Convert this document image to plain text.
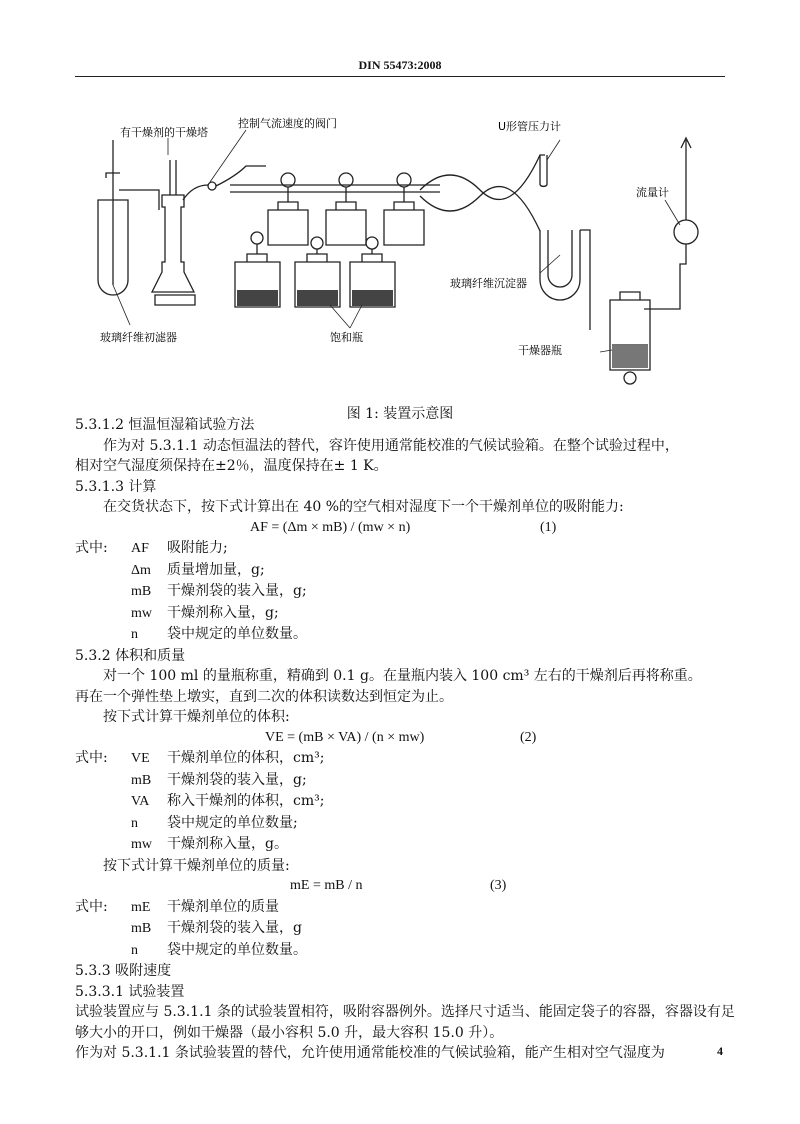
DIN 55473:2008
有干燥剂的干燥塔
控制气流速度的阀门	U形管压力计
流量计
玻璃纤维沉淀器
玻璃纤维初滤器	饱和瓶
干燥器瓶
图 1: 装置示意图

5.3.1.2 恒温恒湿箱试验方法

作为对 5.3.1.1 动态恒温法的替代，容许使用通常能校准的气候试验箱。在整个试验过程中，

相对空气湿度须保持在±2％，温度保持在± 1 K。

5.3.1.3 计算

在交货状态下，按下式计算出在 40 %的空气相对湿度下一个干燥剂单位的吸附能力:

AF = (Δm × mB) / (mw × n)	(1)
式中: AF 吸附能力;
Δm 质量增加量，g;
mB 干燥剂袋的装入量，g;
mw 干燥剂称入量，g;
n 袋中规定的单位数量。

5.3.2 体积和质量

对一个 100 ml 的量瓶称重，精确到 0.1 g。在量瓶内装入 100 cm³ 左右的干燥剂后再将称重。

再在一个弹性垫上墩实，直到二次的体积读数达到恒定为止。

按下式计算干燥剂单位的体积:

VE = (mB × VA) / (n × mw)	(2)
式中: VE 干燥剂单位的体积，cm³;
mB 干燥剂袋的装入量，g;
VA 称入干燥剂的体积，cm³;
n 袋中规定的单位数量;
mw 干燥剂称入量，g。

按下式计算干燥剂单位的质量:

mE = mB / n	(3)
式中: mE 干燥剂单位的质量
mB 干燥剂袋的装入量，g
n 袋中规定的单位数量。

5.3.3 吸附速度

5.3.3.1 试验装置

试验装置应与 5.3.1.1 条的试验装置相符，吸附容器例外。选择尺寸适当、能固定袋子的容器，容器设有足够大小的开口，例如干燥器（最小容积 5.0 升，最大容积 15.0 升）。

作为对 5.3.1.1 条试验装置的替代，允许使用通常能校准的气候试验箱，能产生相对空气湿度为	4
